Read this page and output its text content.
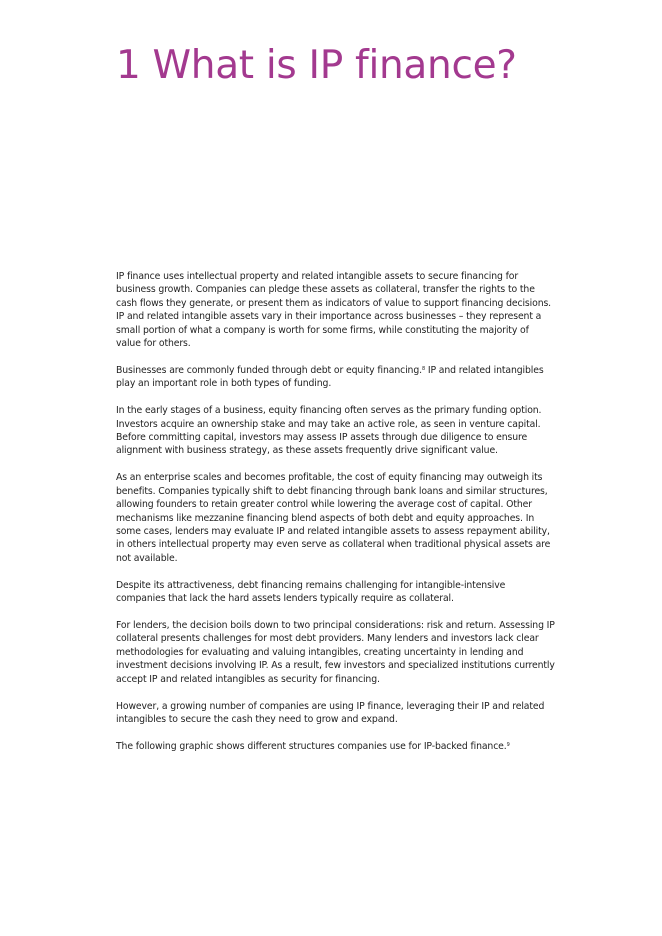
1 What is IP finance?

IP finance uses intellectual property and related intangible assets to secure financing for business growth. Companies can pledge these assets as collateral, transfer the rights to the cash flows they generate, or present them as indicators of value to support financing decisions. IP and related intangible assets vary in their importance across businesses – they represent a small portion of what a company is worth for some firms, while constituting the majority of value for others.

Businesses are commonly funded through debt or equity financing.$^8$ IP and related intangibles play an important role in both types of funding.

In the early stages of a business, equity financing often serves as the primary funding option. Investors acquire an ownership stake and may take an active role, as seen in venture capital. Before committing capital, investors may assess IP assets through due diligence to ensure alignment with business strategy, as these assets frequently drive significant value.

As an enterprise scales and becomes profitable, the cost of equity financing may outweigh its benefits. Companies typically shift to debt financing through bank loans and similar structures, allowing founders to retain greater control while lowering the average cost of capital. Other mechanisms like mezzanine financing blend aspects of both debt and equity approaches. In some cases, lenders may evaluate IP and related intangible assets to assess repayment ability, in others intellectual property may even serve as collateral when traditional physical assets are not available.

Despite its attractiveness, debt financing remains challenging for intangible-intensive companies that lack the hard assets lenders typically require as collateral.

For lenders, the decision boils down to two principal considerations: risk and return. Assessing IP collateral presents challenges for most debt providers. Many lenders and investors lack clear methodologies for evaluating and valuing intangibles, creating uncertainty in lending and investment decisions involving IP. As a result, few investors and specialized institutions currently accept IP and related intangibles as security for financing.

However, a growing number of companies are using IP finance, leveraging their IP and related intangibles to secure the cash they need to grow and expand.

The following graphic shows different structures companies use for IP-backed finance.$^9$
